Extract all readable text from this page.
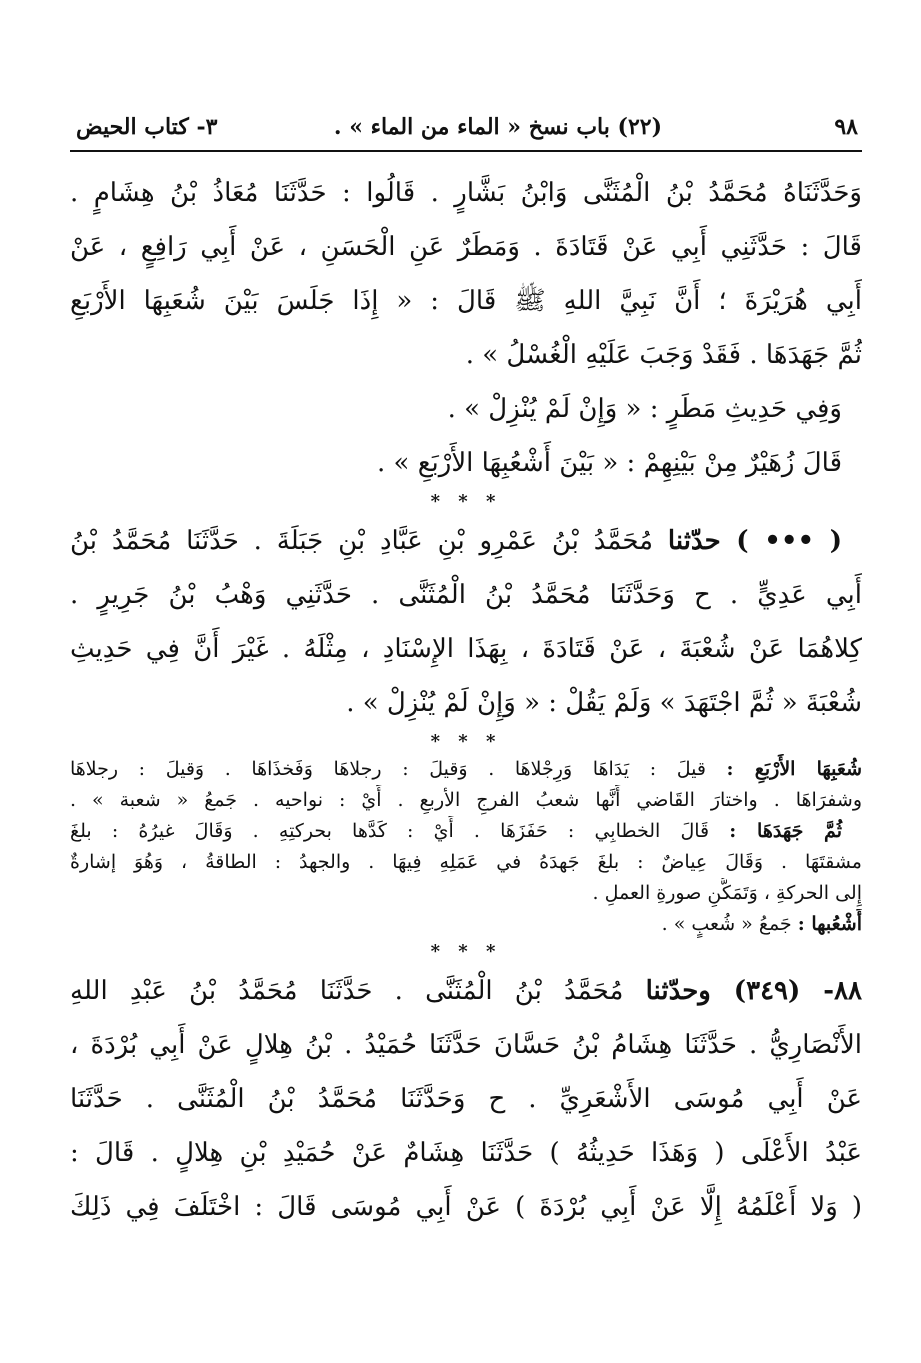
٩٨
(٢٢) باب نسخ « الماء من الماء » .
٣- كتاب الحيض
وَحَدَّثَنَاهُ مُحَمَّدُ بْنُ الْمُثَنَّى وَابْنُ بَشَّارٍ . قَالُوا : حَدَّثَنَا مُعَاذُ بْنُ هِشَامٍ .
قَالَ : حَدَّثَنِي أَبِي عَنْ قَتَادَةَ . وَمَطَرٌ عَنِ الْحَسَنِ ، عَنْ أَبِي رَافِعٍ ، عَنْ
أَبِي هُرَيْرَةَ ؛ أَنَّ نَبِيَّ اللهِ ﷺ قَالَ : « إِذَا جَلَسَ بَيْنَ شُعَبِهَا الأَرْبَعِ
ثُمَّ جَهَدَهَا . فَقَدْ وَجَبَ عَلَيْهِ الْغُسْلُ » .
وَفِي حَدِيثِ مَطَرٍ : « وَإِنْ لَمْ يُنْزِلْ » .
قَالَ زُهَيْرٌ مِنْ بَيْنِهِمْ : « بَيْنَ أَشْعُبِهَا الأَرْبَعِ » .
* * *
( ••• ) حدّثنا مُحَمَّدُ بْنُ عَمْرِو بْنِ عَبَّادِ بْنِ جَبَلَةَ . حَدَّثَنَا مُحَمَّدُ بْنُ
أَبِي عَدِيٍّ . ح وَحَدَّثَنَا مُحَمَّدُ بْنُ الْمُثَنَّى . حَدَّثَنِي وَهْبُ بْنُ جَرِيرٍ .
كِلاهُمَا عَنْ شُعْبَةَ ، عَنْ قَتَادَةَ ، بِهَذَا الإِسْنَادِ ، مِثْلَهُ . غَيْرَ أَنَّ فِي حَدِيثِ
شُعْبَةَ « ثُمَّ اجْتَهَدَ » وَلَمْ يَقُلْ : « وَإِنْ لَمْ يُنْزِلْ » .
* * *
شُعَبِهَا الأَرْبَعِ : قيلَ : يَدَاهَا وَرِجْلاهَا . وَقيلَ : رجلاهَا وَفَخذَاهَا . وَقيلَ : رجلاهَا
وشفرَاهَا . واختارَ القَاضي أَنَّها شعبُ الفرجِ الأربعِ . أَيْ : نواحيه . جَمعُ « شعبة » .
ثُمَّ جَهَدَهَا : قَالَ الخطابِي : حَفَزَهَا . أَيْ : كَدَّها بحركتِهِ . وَقَالَ غيرُهُ : بلغَ
مشقتَهَا . وَقَالَ عِياضٌ : بلغَ جَهدَهُ في عَمَلِهِ فِيهَا . والجهدُ : الطاقةُ ، وَهُوَ إشارةٌ
إِلى الحركةِ ، وَتَمَكُّنِ صورةِ العملِ .
أَشْعُبها : جَمعُ « شُعبٍ » .
* * *
٨٨- (٣٤٩) وحدّثنا مُحَمَّدُ بْنُ الْمُثَنَّى . حَدَّثَنَا مُحَمَّدُ بْنُ عَبْدِ اللهِ
الأَنْصَارِيُّ . حَدَّثَنَا هِشَامُ بْنُ حَسَّانَ حَدَّثَنَا حُمَيْدُ . بْنُ هِلالٍ عَنْ أَبِي بُرْدَةَ ،
عَنْ أَبِي مُوسَى الأَشْعَرِيِّ . ح وَحَدَّثَنَا مُحَمَّدُ بْنُ الْمُثَنَّى . حَدَّثَنَا
عَبْدُ الأَعْلَى ( وَهَذَا حَدِيثُهُ ) حَدَّثَنَا هِشَامٌ عَنْ حُمَيْدِ بْنِ هِلالٍ . قَالَ :
( وَلا أَعْلَمُهُ إِلَّا عَنْ أَبِي بُرْدَةَ ) عَنْ أَبِي مُوسَى قَالَ : اخْتَلَفَ فِي ذَلِكَ
